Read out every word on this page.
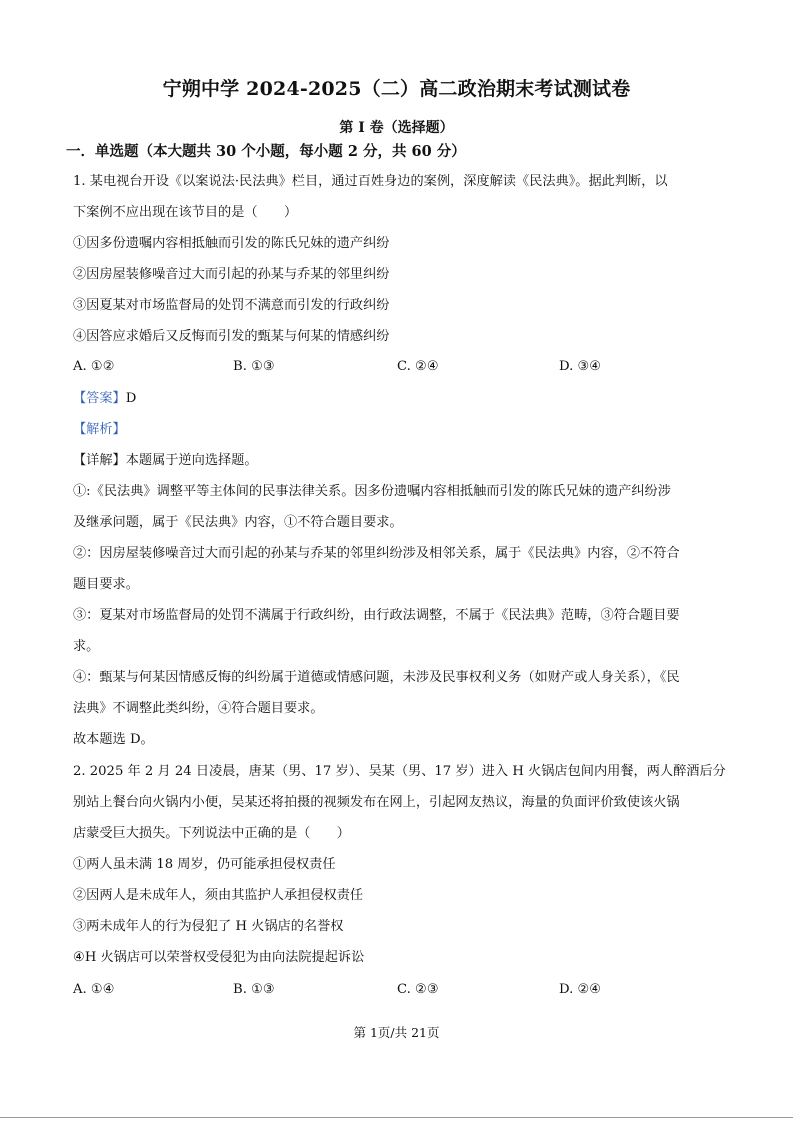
宁朔中学 2024-2025（二）高二政治期末考试测试卷
第 I 卷（选择题）
一．单选题（本大题共 30 个小题，每小题 2 分，共 60 分）
1. 某电视台开设《以案说法·民法典》栏目，通过百姓身边的案例，深度解读《民法典》。据此判断，以
下案例不应出现在该节目的是（　　）
①因多份遗嘱内容相抵触而引发的陈氏兄妹的遗产纠纷
②因房屋装修噪音过大而引起的孙某与乔某的邻里纠纷
③因夏某对市场监督局的处罚不满意而引发的行政纠纷
④因答应求婚后又反悔而引发的甄某与何某的情感纠纷
A. ①②	B. ①③	C. ②④	D. ③④
【答案】D
【解析】
【详解】本题属于逆向选择题。
①:《民法典》调整平等主体间的民事法律关系。因多份遗嘱内容相抵触而引发的陈氏兄妹的遗产纠纷涉
及继承问题，属于《民法典》内容，①不符合题目要求。
②：因房屋装修噪音过大而引起的孙某与乔某的邻里纠纷涉及相邻关系，属于《民法典》内容，②不符合
题目要求。
③：夏某对市场监督局的处罚不满属于行政纠纷，由行政法调整，不属于《民法典》范畴，③符合题目要
求。
④：甄某与何某因情感反悔的纠纷属于道德或情感问题，未涉及民事权利义务（如财产或人身关系），《民
法典》不调整此类纠纷，④符合题目要求。
故本题选 D。
2. 2025 年 2 月 24 日凌晨，唐某（男、17 岁）、吴某（男、17 岁）进入 H 火锅店包间内用餐，两人醉酒后分
别站上餐台向火锅内小便，吴某还将拍摄的视频发布在网上，引起网友热议，海量的负面评价致使该火锅
店蒙受巨大损失。下列说法中正确的是（　　）
①两人虽未满 18 周岁，仍可能承担侵权责任
②因两人是未成年人，须由其监护人承担侵权责任
③两未成年人的行为侵犯了 H 火锅店的名誉权
④H 火锅店可以荣誉权受侵犯为由向法院提起诉讼
A. ①④	B. ①③	C. ②③	D. ②④
第 1页/共 21页
